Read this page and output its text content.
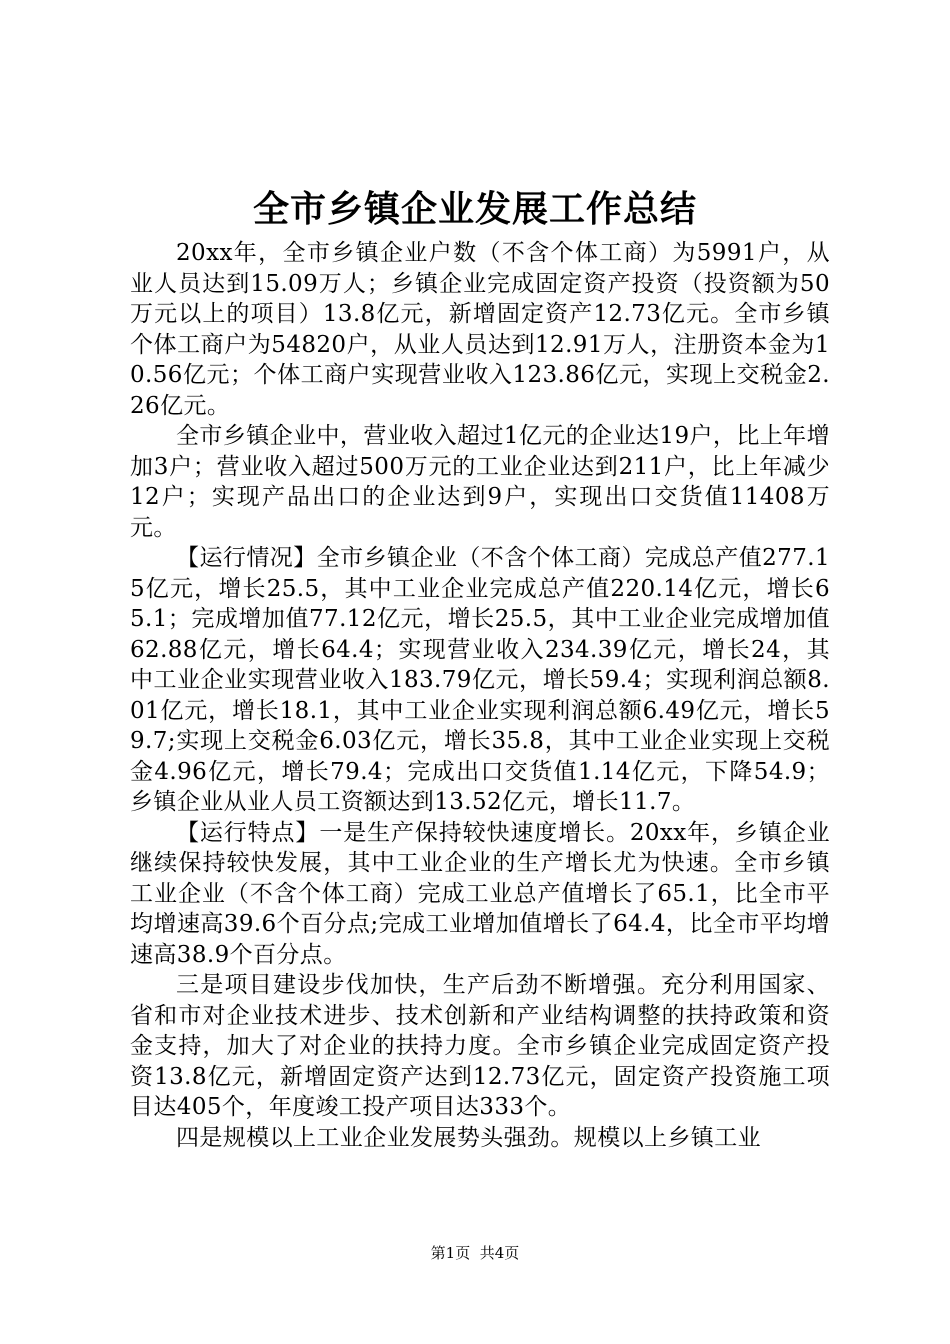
全市乡镇企业发展工作总结

20xx年，全市乡镇企业户数（不含个体工商）为5991户，从业人员达到15.09万人；乡镇企业完成固定资产投资（投资额为50万元以上的项目）13.8亿元，新增固定资产12.73亿元。全市乡镇个体工商户为54820户，从业人员达到12.91万人，注册资本金为10.56亿元；个体工商户实现营业收入123.86亿元，实现上交税金2.26亿元。

全市乡镇企业中，营业收入超过1亿元的企业达19户，比上年增加3户；营业收入超过500万元的工业企业达到211户，比上年减少12户；实现产品出口的企业达到9户，实现出口交货值11408万元。

【运行情况】全市乡镇企业（不含个体工商）完成总产值277.15亿元，增长25.5，其中工业企业完成总产值220.14亿元，增长65.1；完成增加值77.12亿元，增长25.5，其中工业企业完成增加值62.88亿元，增长64.4；实现营业收入234.39亿元，增长24，其中工业企业实现营业收入183.79亿元，增长59.4；实现利润总额8.01亿元，增长18.1，其中工业企业实现利润总额6.49亿元，增长59.7;实现上交税金6.03亿元，增长35.8，其中工业企业实现上交税金4.96亿元，增长79.4；完成出口交货值1.14亿元，下降54.9；乡镇企业从业人员工资额达到13.52亿元，增长11.7。

【运行特点】一是生产保持较快速度增长。20xx年，乡镇企业继续保持较快发展，其中工业企业的生产增长尤为快速。全市乡镇工业企业（不含个体工商）完成工业总产值增长了65.1，比全市平均增速高39.6个百分点;完成工业增加值增长了64.4，比全市平均增速高38.9个百分点。

三是项目建设步伐加快，生产后劲不断增强。充分利用国家、省和市对企业技术进步、技术创新和产业结构调整的扶持政策和资金支持，加大了对企业的扶持力度。全市乡镇企业完成固定资产投资13.8亿元，新增固定资产达到12.73亿元，固定资产投资施工项目达405个，年度竣工投产项目达333个。

四是规模以上工业企业发展势头强劲。规模以上乡镇工业

第1页 共4页
